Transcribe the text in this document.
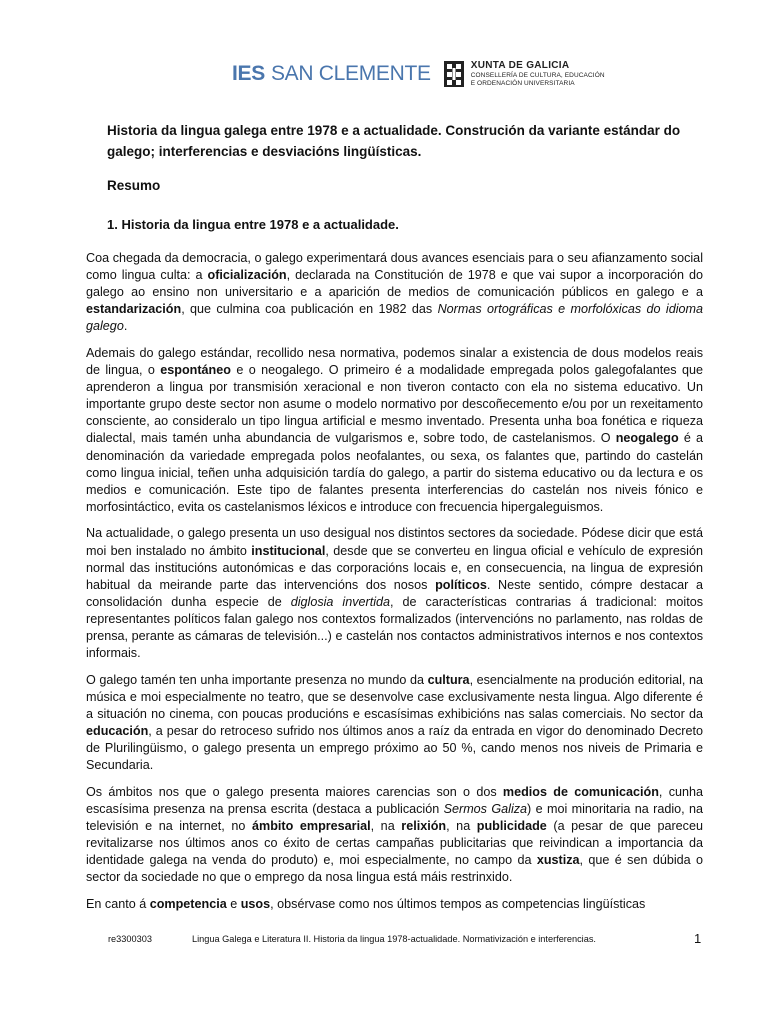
IES SAN CLEMENTE	XUNTA DE GALICIA
CONSELLERÍA DE CULTURA, EDUCACIÓN
E ORDENACIÓN UNIVERSITARIA
Historia da lingua galega entre 1978 e a actualidade. Construción da variante estándar do galego; interferencias e desviacións lingüísticas.
Resumo
1. Historia da lingua entre 1978 e a actualidade.

Coa chegada da democracia, o galego experimentará dous avances esenciais para o seu afianzamento social como lingua culta: a oficialización, declarada na Constitución de 1978 e que vai supor a incorporación do galego ao ensino non universitario e a aparición de medios de comunicación públicos en galego e a estandarización, que culmina coa publicación en 1982 das Normas ortográficas e morfolóxicas do idioma galego.

Ademais do galego estándar, recollido nesa normativa, podemos sinalar a existencia de dous modelos reais de lingua, o espontáneo e o neogalego. O primeiro é a modalidade empregada polos galegofalantes que aprenderon a lingua por transmisión xeracional e non tiveron contacto con ela no sistema educativo. Un importante grupo deste sector non asume o modelo normativo por descoñecemento e/ou por un rexeitamento consciente, ao consideralo un tipo lingua artificial e mesmo inventado. Presenta unha boa fonética e riqueza dialectal, mais tamén unha abundancia de vulgarismos e, sobre todo, de castelanismos. O neogalego é a denominación da variedade empregada polos neofalantes, ou sexa, os falantes que, partindo do castelán como lingua inicial, teñen unha adquisición tardía do galego, a partir do sistema educativo ou da lectura e os medios e comunicación. Este tipo de falantes presenta interferencias do castelán nos niveis fónico e morfosintáctico, evita os castelanismos léxicos e introduce con frecuencia hipergaleguismos.

Na actualidade, o galego presenta un uso desigual nos distintos sectores da sociedade. Pódese dicir que está moi ben instalado no ámbito institucional, desde que se converteu en lingua oficial e vehículo de expresión normal das institucións autonómicas e das corporacións locais e, en consecuencia, na lingua de expresión habitual da meirande parte das intervencións dos nosos políticos. Neste sentido, cómpre destacar a consolidación dunha especie de diglosia invertida, de características contrarias á tradicional: moitos representantes políticos falan galego nos contextos formalizados (intervencións no parlamento, nas roldas de prensa, perante as cámaras de televisión...) e castelán nos contactos administrativos internos e nos contextos informais.

O galego tamén ten unha importante presenza no mundo da cultura, esencialmente na produción editorial, na música e moi especialmente no teatro, que se desenvolve case exclusivamente nesta lingua. Algo diferente é a situación no cinema, con poucas producións e escasísimas exhibicións nas salas comerciais. No sector da educación, a pesar do retroceso sufrido nos últimos anos a raíz da entrada en vigor do denominado Decreto de Plurilingüismo, o galego presenta un emprego próximo ao 50 %, cando menos nos niveis de Primaria e Secundaria.

Os ámbitos nos que o galego presenta maiores carencias son o dos medios de comunicación, cunha escasísima presenza na prensa escrita (destaca a publicación Sermos Galiza) e moi minoritaria na radio, na televisión e na internet, no ámbito empresarial, na relixión, na publicidade (a pesar de que pareceu revitalizarse nos últimos anos co éxito de certas campañas publicitarias que reivindican a importancia da identidade galega na venda do produto) e, moi especialmente, no campo da xustiza, que é sen dúbida o sector da sociedade no que o emprego da nosa lingua está máis restrinxido.

En canto á competencia e usos, obsérvase como nos últimos tempos as competencias lingüísticas

re3300303	Lingua Galega e Literatura II. Historia da lingua 1978-actualidade. Normativización e interferencias.	1
